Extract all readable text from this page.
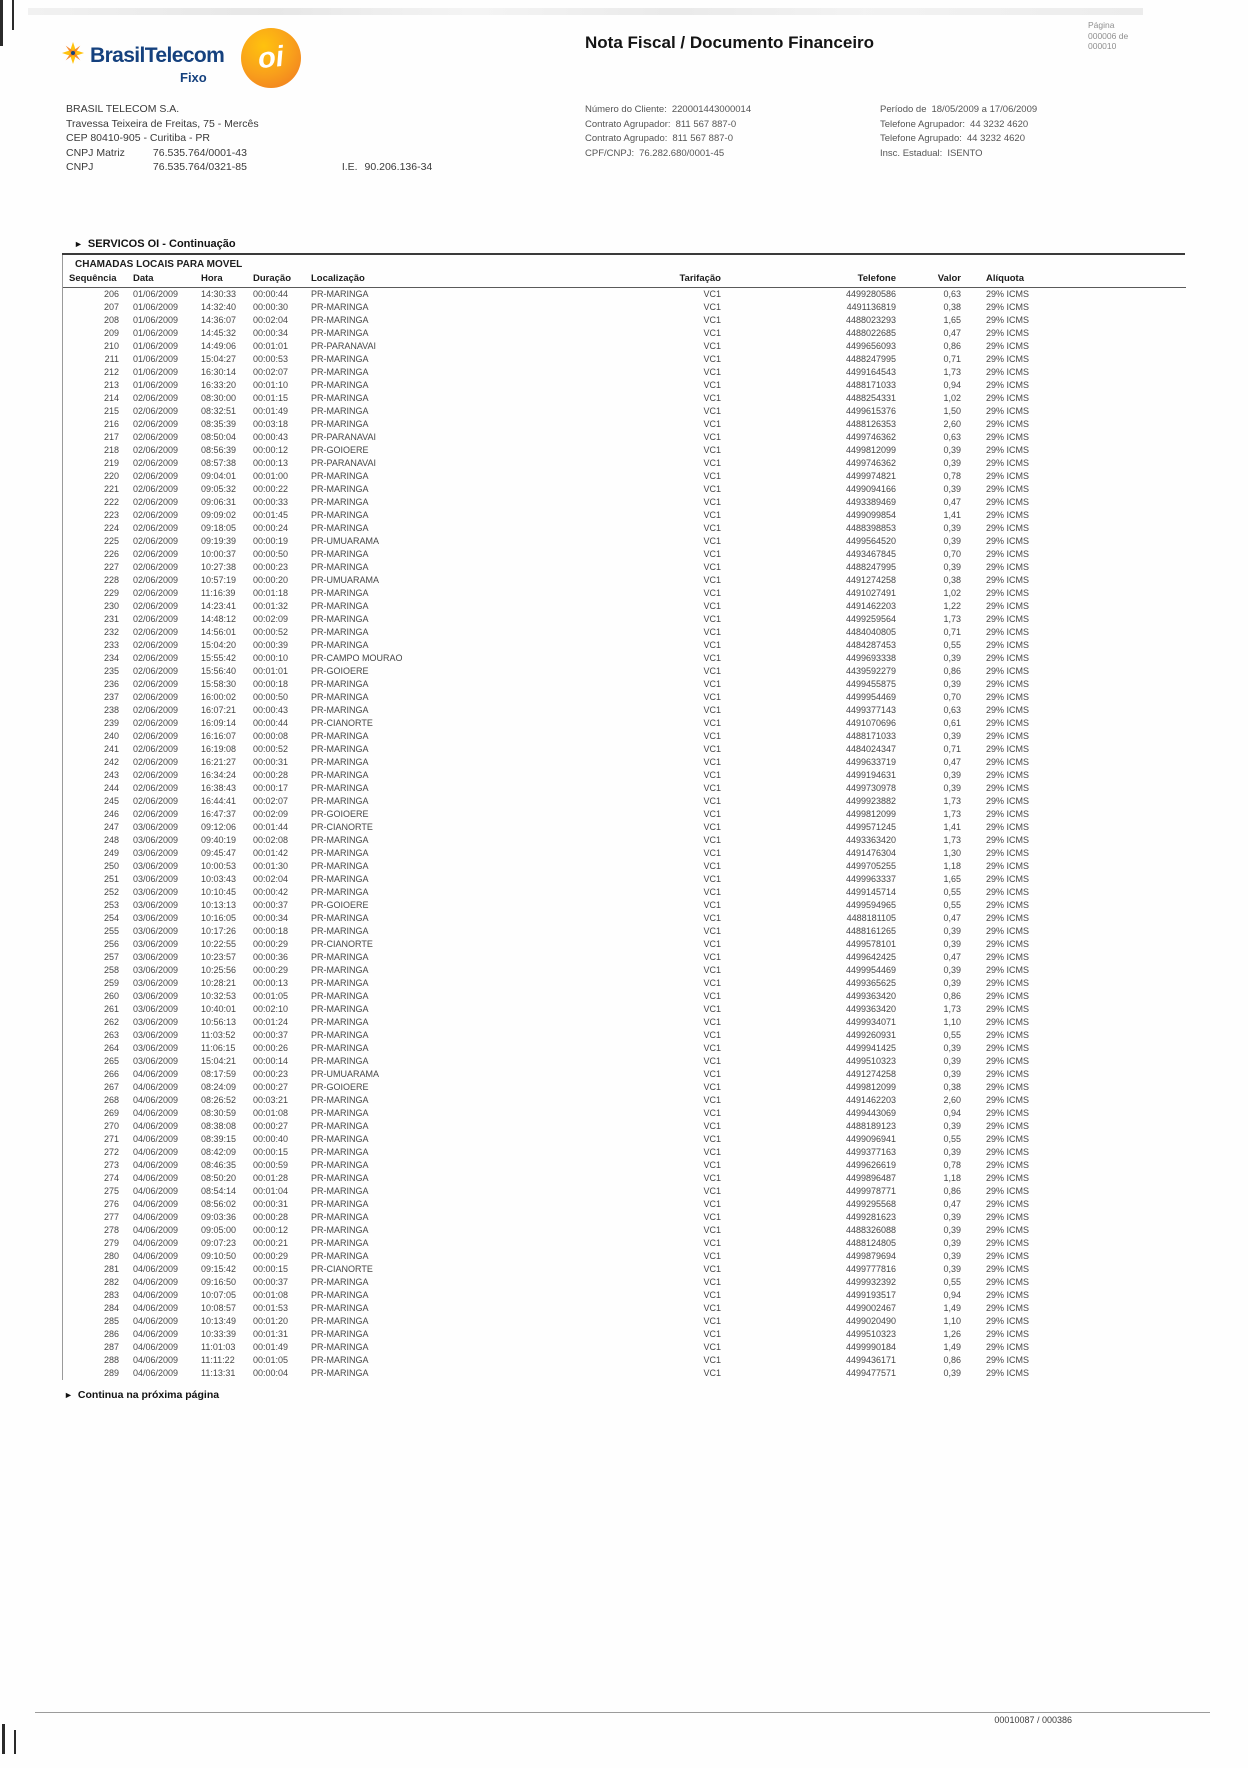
BrasilTelecom
Fixo
oi	Nota Fiscal / Documento Financeiro
Página
000006 de
000010
BRASIL TELECOM S.A.
Travessa Teixeira de Freitas, 75 - Mercês
CEP 80410-905 - Curitiba - PR
CNPJ Matriz	76.535.764/0001-43
CNPJ	76.535.764/0321-85	I.E. 90.206.136-34
Número do Cliente: 220001443000014
Contrato Agrupador: 811 567 887-0
Contrato Agrupado: 811 567 887-0
CPF/CNPJ: 76.282.680/0001-45
Período de 18/05/2009 a 17/06/2009
Telefone Agrupador: 44 3232 4620
Telefone Agrupado: 44 3232 4620
Insc. Estadual: ISENTO
► SERVICOS OI - Continuação
CHAMADAS LOCAIS PARA MOVEL
Sequência	Data	Hora	Duração	Localização	Tarifação	Telefone	Valor	Alíquota
206	01/06/2009	14:30:33	00:00:44	PR-MARINGA	VC1	4499280586	0,63	29% ICMS
207	01/06/2009	14:32:40	00:00:30	PR-MARINGA	VC1	4491136819	0,38	29% ICMS
208	01/06/2009	14:36:07	00:02:04	PR-MARINGA	VC1	4488023293	1,65	29% ICMS
209	01/06/2009	14:45:32	00:00:34	PR-MARINGA	VC1	4488022685	0,47	29% ICMS
210	01/06/2009	14:49:06	00:01:01	PR-PARANAVAI	VC1	4499656093	0,86	29% ICMS
211	01/06/2009	15:04:27	00:00:53	PR-MARINGA	VC1	4488247995	0,71	29% ICMS
212	01/06/2009	16:30:14	00:02:07	PR-MARINGA	VC1	4499164543	1,73	29% ICMS
213	01/06/2009	16:33:20	00:01:10	PR-MARINGA	VC1	4488171033	0,94	29% ICMS
214	02/06/2009	08:30:00	00:01:15	PR-MARINGA	VC1	4488254331	1,02	29% ICMS
215	02/06/2009	08:32:51	00:01:49	PR-MARINGA	VC1	4499615376	1,50	29% ICMS
216	02/06/2009	08:35:39	00:03:18	PR-MARINGA	VC1	4488126353	2,60	29% ICMS
217	02/06/2009	08:50:04	00:00:43	PR-PARANAVAI	VC1	4499746362	0,63	29% ICMS
218	02/06/2009	08:56:39	00:00:12	PR-GOIOERE	VC1	4499812099	0,39	29% ICMS
219	02/06/2009	08:57:38	00:00:13	PR-PARANAVAI	VC1	4499746362	0,39	29% ICMS
220	02/06/2009	09:04:01	00:01:00	PR-MARINGA	VC1	4499974821	0,78	29% ICMS
221	02/06/2009	09:05:32	00:00:22	PR-MARINGA	VC1	4499094166	0,39	29% ICMS
222	02/06/2009	09:06:31	00:00:33	PR-MARINGA	VC1	4493389469	0,47	29% ICMS
223	02/06/2009	09:09:02	00:01:45	PR-MARINGA	VC1	4499099854	1,41	29% ICMS
224	02/06/2009	09:18:05	00:00:24	PR-MARINGA	VC1	4488398853	0,39	29% ICMS
225	02/06/2009	09:19:39	00:00:19	PR-UMUARAMA	VC1	4499564520	0,39	29% ICMS
226	02/06/2009	10:00:37	00:00:50	PR-MARINGA	VC1	4493467845	0,70	29% ICMS
227	02/06/2009	10:27:38	00:00:23	PR-MARINGA	VC1	4488247995	0,39	29% ICMS
228	02/06/2009	10:57:19	00:00:20	PR-UMUARAMA	VC1	4491274258	0,38	29% ICMS
229	02/06/2009	11:16:39	00:01:18	PR-MARINGA	VC1	4491027491	1,02	29% ICMS
230	02/06/2009	14:23:41	00:01:32	PR-MARINGA	VC1	4491462203	1,22	29% ICMS
231	02/06/2009	14:48:12	00:02:09	PR-MARINGA	VC1	4499259564	1,73	29% ICMS
232	02/06/2009	14:56:01	00:00:52	PR-MARINGA	VC1	4484040805	0,71	29% ICMS
233	02/06/2009	15:04:20	00:00:39	PR-MARINGA	VC1	4484287453	0,55	29% ICMS
234	02/06/2009	15:55:42	00:00:10	PR-CAMPO MOURAO	VC1	4499693338	0,39	29% ICMS
235	02/06/2009	15:56:40	00:01:01	PR-GOIOERE	VC1	4439592279	0,86	29% ICMS
236	02/06/2009	15:58:30	00:00:18	PR-MARINGA	VC1	4499455875	0,39	29% ICMS
237	02/06/2009	16:00:02	00:00:50	PR-MARINGA	VC1	4499954469	0,70	29% ICMS
238	02/06/2009	16:07:21	00:00:43	PR-MARINGA	VC1	4499377143	0,63	29% ICMS
239	02/06/2009	16:09:14	00:00:44	PR-CIANORTE	VC1	4491070696	0,61	29% ICMS
240	02/06/2009	16:16:07	00:00:08	PR-MARINGA	VC1	4488171033	0,39	29% ICMS
241	02/06/2009	16:19:08	00:00:52	PR-MARINGA	VC1	4484024347	0,71	29% ICMS
242	02/06/2009	16:21:27	00:00:31	PR-MARINGA	VC1	4499633719	0,47	29% ICMS
243	02/06/2009	16:34:24	00:00:28	PR-MARINGA	VC1	4499194631	0,39	29% ICMS
244	02/06/2009	16:38:43	00:00:17	PR-MARINGA	VC1	4499730978	0,39	29% ICMS
245	02/06/2009	16:44:41	00:02:07	PR-MARINGA	VC1	4499923882	1,73	29% ICMS
246	02/06/2009	16:47:37	00:02:09	PR-GOIOERE	VC1	4499812099	1,73	29% ICMS
247	03/06/2009	09:12:06	00:01:44	PR-CIANORTE	VC1	4499571245	1,41	29% ICMS
248	03/06/2009	09:40:19	00:02:08	PR-MARINGA	VC1	4493363420	1,73	29% ICMS
249	03/06/2009	09:45:47	00:01:42	PR-MARINGA	VC1	4491476304	1,30	29% ICMS
250	03/06/2009	10:00:53	00:01:30	PR-MARINGA	VC1	4499705255	1,18	29% ICMS
251	03/06/2009	10:03:43	00:02:04	PR-MARINGA	VC1	4499963337	1,65	29% ICMS
252	03/06/2009	10:10:45	00:00:42	PR-MARINGA	VC1	4499145714	0,55	29% ICMS
253	03/06/2009	10:13:13	00:00:37	PR-GOIOERE	VC1	4499594965	0,55	29% ICMS
254	03/06/2009	10:16:05	00:00:34	PR-MARINGA	VC1	4488181105	0,47	29% ICMS
255	03/06/2009	10:17:26	00:00:18	PR-MARINGA	VC1	4488161265	0,39	29% ICMS
256	03/06/2009	10:22:55	00:00:29	PR-CIANORTE	VC1	4499578101	0,39	29% ICMS
257	03/06/2009	10:23:57	00:00:36	PR-MARINGA	VC1	4499642425	0,47	29% ICMS
258	03/06/2009	10:25:56	00:00:29	PR-MARINGA	VC1	4499954469	0,39	29% ICMS
259	03/06/2009	10:28:21	00:00:13	PR-MARINGA	VC1	4499365625	0,39	29% ICMS
260	03/06/2009	10:32:53	00:01:05	PR-MARINGA	VC1	4499363420	0,86	29% ICMS
261	03/06/2009	10:40:01	00:02:10	PR-MARINGA	VC1	4499363420	1,73	29% ICMS
262	03/06/2009	10:56:13	00:01:24	PR-MARINGA	VC1	4499934071	1,10	29% ICMS
263	03/06/2009	11:03:52	00:00:37	PR-MARINGA	VC1	4499260931	0,55	29% ICMS
264	03/06/2009	11:06:15	00:00:26	PR-MARINGA	VC1	4499941425	0,39	29% ICMS
265	03/06/2009	15:04:21	00:00:14	PR-MARINGA	VC1	4499510323	0,39	29% ICMS
266	04/06/2009	08:17:59	00:00:23	PR-UMUARAMA	VC1	4491274258	0,39	29% ICMS
267	04/06/2009	08:24:09	00:00:27	PR-GOIOERE	VC1	4499812099	0,38	29% ICMS
268	04/06/2009	08:26:52	00:03:21	PR-MARINGA	VC1	4491462203	2,60	29% ICMS
269	04/06/2009	08:30:59	00:01:08	PR-MARINGA	VC1	4499443069	0,94	29% ICMS
270	04/06/2009	08:38:08	00:00:27	PR-MARINGA	VC1	4488189123	0,39	29% ICMS
271	04/06/2009	08:39:15	00:00:40	PR-MARINGA	VC1	4499096941	0,55	29% ICMS
272	04/06/2009	08:42:09	00:00:15	PR-MARINGA	VC1	4499377163	0,39	29% ICMS
273	04/06/2009	08:46:35	00:00:59	PR-MARINGA	VC1	4499626619	0,78	29% ICMS
274	04/06/2009	08:50:20	00:01:28	PR-MARINGA	VC1	4499896487	1,18	29% ICMS
275	04/06/2009	08:54:14	00:01:04	PR-MARINGA	VC1	4499978771	0,86	29% ICMS
276	04/06/2009	08:56:02	00:00:31	PR-MARINGA	VC1	4499295568	0,47	29% ICMS
277	04/06/2009	09:03:36	00:00:28	PR-MARINGA	VC1	4499281623	0,39	29% ICMS
278	04/06/2009	09:05:00	00:00:12	PR-MARINGA	VC1	4488326088	0,39	29% ICMS
279	04/06/2009	09:07:23	00:00:21	PR-MARINGA	VC1	4488124805	0,39	29% ICMS
280	04/06/2009	09:10:50	00:00:29	PR-MARINGA	VC1	4499879694	0,39	29% ICMS
281	04/06/2009	09:15:42	00:00:15	PR-CIANORTE	VC1	4499777816	0,39	29% ICMS
282	04/06/2009	09:16:50	00:00:37	PR-MARINGA	VC1	4499932392	0,55	29% ICMS
283	04/06/2009	10:07:05	00:01:08	PR-MARINGA	VC1	4499193517	0,94	29% ICMS
284	04/06/2009	10:08:57	00:01:53	PR-MARINGA	VC1	4499002467	1,49	29% ICMS
285	04/06/2009	10:13:49	00:01:20	PR-MARINGA	VC1	4499020490	1,10	29% ICMS
286	04/06/2009	10:33:39	00:01:31	PR-MARINGA	VC1	4499510323	1,26	29% ICMS
287	04/06/2009	11:01:03	00:01:49	PR-MARINGA	VC1	4499990184	1,49	29% ICMS
288	04/06/2009	11:11:22	00:01:05	PR-MARINGA	VC1	4499436171	0,86	29% ICMS
289	04/06/2009	11:13:31	00:00:04	PR-MARINGA	VC1	4499477571	0,39	29% ICMS
► Continua na próxima página
00010087 / 000386
